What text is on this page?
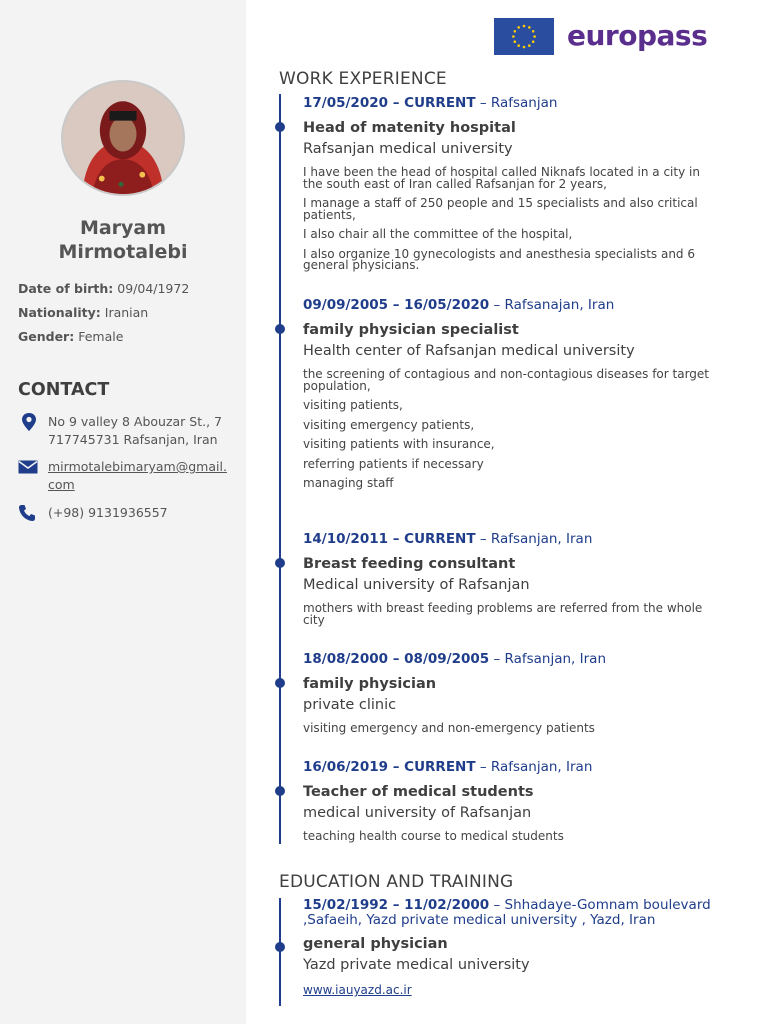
Maryam
Mirmotalebi
Date of birth: 09/04/1972
Nationality: Iranian
Gender: Female
CONTACT
No 9 valley 8 Abouzar St., 7717745731 Rafsanjan, Iran
mirmotalebimaryam@gmail.com
(+98) 9131936557
europass
WORK EXPERIENCE
17/05/2020 – CURRENT – Rafsanjan
Head of matenity hospital
Rafsanjan medical university

I have been the head of hospital called Niknafs located in a city in the south east of Iran called Rafsanjan for 2 years,

I manage a staff of 250 people and 15 specialists and also critical patients,

I also chair all the committee of the hospital,

I also organize 10 gynecologists and anesthesia specialists and 6 general physicians.

09/09/2005 – 16/05/2020 – Rafsanajan, Iran
family physician specialist
Health center of Rafsanjan medical university

the screening of contagious and non-contagious diseases for target population,

visiting patients,

visiting emergency patients,

visiting patients with insurance,

referring patients if necessary

managing staff

14/10/2011 – CURRENT – Rafsanjan, Iran
Breast feeding consultant
Medical university of Rafsanjan

mothers with breast feeding problems are referred from the whole city

18/08/2000 – 08/09/2005 – Rafsanjan, Iran
family physician
private clinic

visiting emergency and non-emergency patients

16/06/2019 – CURRENT – Rafsanjan, Iran
Teacher of medical students
medical university of Rafsanjan

teaching health course to medical students

EDUCATION AND TRAINING
15/02/1992 – 11/02/2000 – Shhadaye-Gomnam boulevard ,Safaeih, Yazd private medical university , Yazd, Iran
general physician
Yazd private medical university
www.iauyazd.ac.ir
